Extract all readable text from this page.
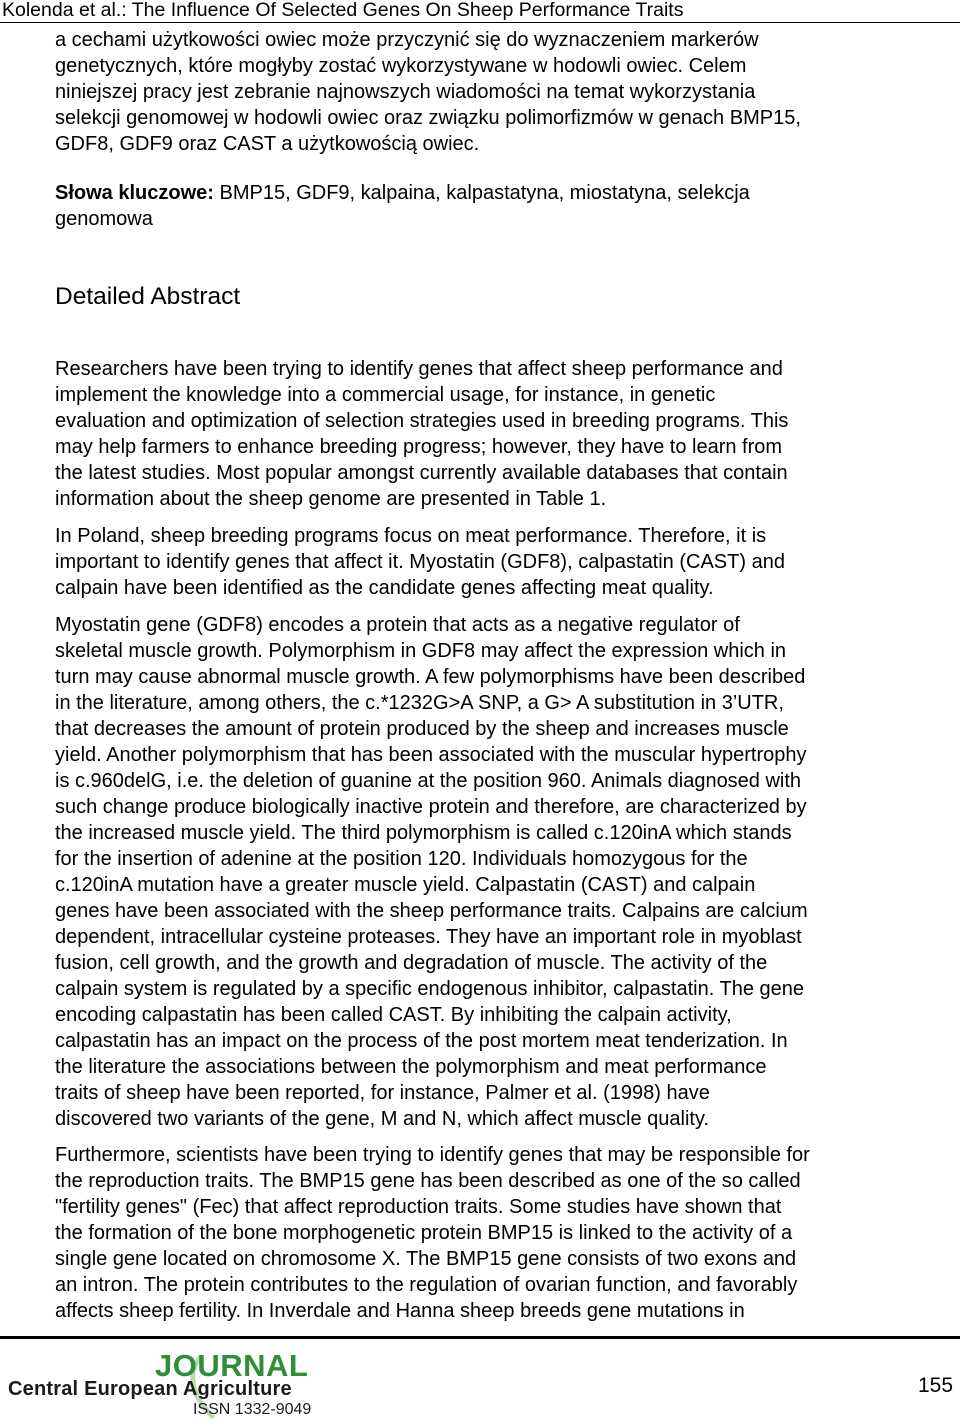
Kolenda et al.: The Influence Of Selected Genes On Sheep Performance Traits
a cechami użytkowości owiec może przyczynić się do wyznaczeniem markerów
genetycznych, które mogłyby zostać wykorzystywane w hodowli owiec. Celem
niniejszej pracy jest zebranie najnowszych wiadomości na temat wykorzystania
selekcji genomowej w hodowli owiec oraz związku polimorfizmów w genach BMP15,
GDF8, GDF9 oraz CAST a użytkowością owiec.
Słowa kluczowe: BMP15, GDF9, kalpaina, kalpastatyna, miostatyna, selekcja
genomowa
Detailed Abstract
Researchers have been trying to identify genes that affect sheep performance and
implement the knowledge into a commercial usage, for instance, in genetic
evaluation and optimization of selection strategies used in breeding programs. This
may help farmers to enhance breeding progress; however, they have to learn from
the latest studies. Most popular amongst currently available databases that contain
information about the sheep genome are presented in Table 1.
In Poland, sheep breeding programs focus on meat performance. Therefore, it is
important to identify genes that affect it. Myostatin (GDF8), calpastatin (CAST) and
calpain have been identified as the candidate genes affecting meat quality.
Myostatin gene (GDF8) encodes a protein that acts as a negative regulator of
skeletal muscle growth. Polymorphism in GDF8 may affect the expression which in
turn may cause abnormal muscle growth. A few polymorphisms have been described
in the literature, among others, the c.*1232G>A SNP, a G> A substitution in 3’UTR,
that decreases the amount of protein produced by the sheep and increases muscle
yield. Another polymorphism that has been associated with the muscular hypertrophy
is c.960delG, i.e. the deletion of guanine at the position 960. Animals diagnosed with
such change produce biologically inactive protein and therefore, are characterized by
the increased muscle yield. The third polymorphism is called c.120inA which stands
for the insertion of adenine at the position 120. Individuals homozygous for the
c.120inA mutation have a greater muscle yield. Calpastatin (CAST) and calpain
genes have been associated with the sheep performance traits. Calpains are calcium
dependent, intracellular cysteine proteases. They have an important role in myoblast
fusion, cell growth, and the growth and degradation of muscle. The activity of the
calpain system is regulated by a specific endogenous inhibitor, calpastatin. The gene
encoding calpastatin has been called CAST. By inhibiting the calpain activity,
calpastatin has an impact on the process of the post mortem meat tenderization. In
the literature the associations between the polymorphism and meat performance
traits of sheep have been reported, for instance, Palmer et al. (1998) have
discovered two variants of the gene, M and N, which affect muscle quality.
Furthermore, scientists have been trying to identify genes that may be responsible for
the reproduction traits. The BMP15 gene has been described as one of the so called
"fertility genes" (Fec) that affect reproduction traits. Some studies have shown that
the formation of the bone morphogenetic protein BMP15 is linked to the activity of a
single gene located on chromosome X. The BMP15 gene consists of two exons and
an intron. The protein contributes to the regulation of ovarian function, and favorably
affects sheep fertility. In Inverdale and Hanna sheep breeds gene mutations in
JOURNAL
Central European Agriculture
ISSN 1332-9049
155
